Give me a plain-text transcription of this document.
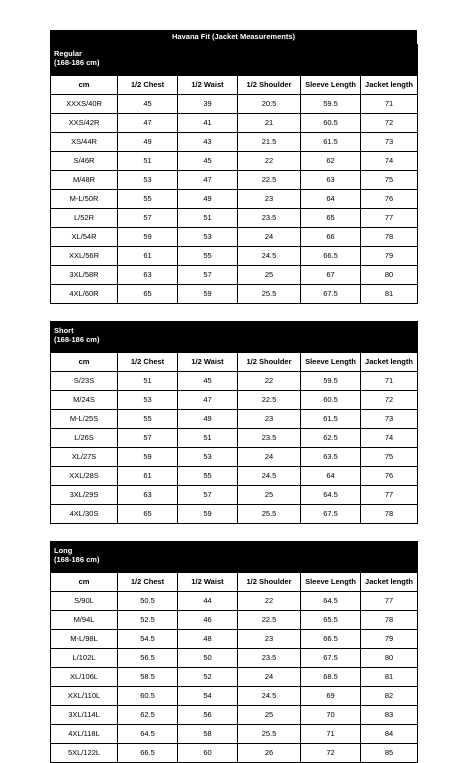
Havana Fit (Jacket Measurements)
Regular
(168-186 cm)					
cm	1/2 Chest	1/2 Waist	1/2 Shoulder	Sleeve Length	Jacket length
XXXS/40R	45	39	20.5	59.5	71
XXS/42R	47	41	21	60.5	72
XS/44R	49	43	21.5	61.5	73
S/46R	51	45	22	62	74
M/48R	53	47	22.5	63	75
M-L/50R	55	49	23	64	76
L/52R	57	51	23.5	65	77
XL/54R	59	53	24	66	78
XXL/56R	61	55	24.5	66.5	79
3XL/58R	63	57	25	67	80
4XL/60R	65	59	25.5	67.5	81
Short
(168-186 cm)					
cm	1/2 Chest	1/2 Waist	1/2 Shoulder	Sleeve Length	Jacket length
S/23S	51	45	22	59.5	71
M/24S	53	47	22.5	60.5	72
M-L/25S	55	49	23	61.5	73
L/26S	57	51	23.5	62.5	74
XL/27S	59	53	24	63.5	75
XXL/28S	61	55	24.5	64	76
3XL/29S	63	57	25	64.5	77
4XL/30S	65	59	25.5	67.5	78
Long
(168-186 cm)					
cm	1/2 Chest	1/2 Waist	1/2 Shoulder	Sleeve Length	Jacket length
S/90L	50.5	44	22	64.5	77
M/94L	52.5	46	22.5	65.5	78
M-L/98L	54.5	48	23	66.5	79
L/102L	56.5	50	23.5	67.5	80
XL/106L	58.5	52	24	68.5	81
XXL/110L	60.5	54	24.5	69	82
3XL/114L	62.5	56	25	70	83
4XL/118L	64.5	58	25.5	71	84
5XL/122L	66.5	60	26	72	85
